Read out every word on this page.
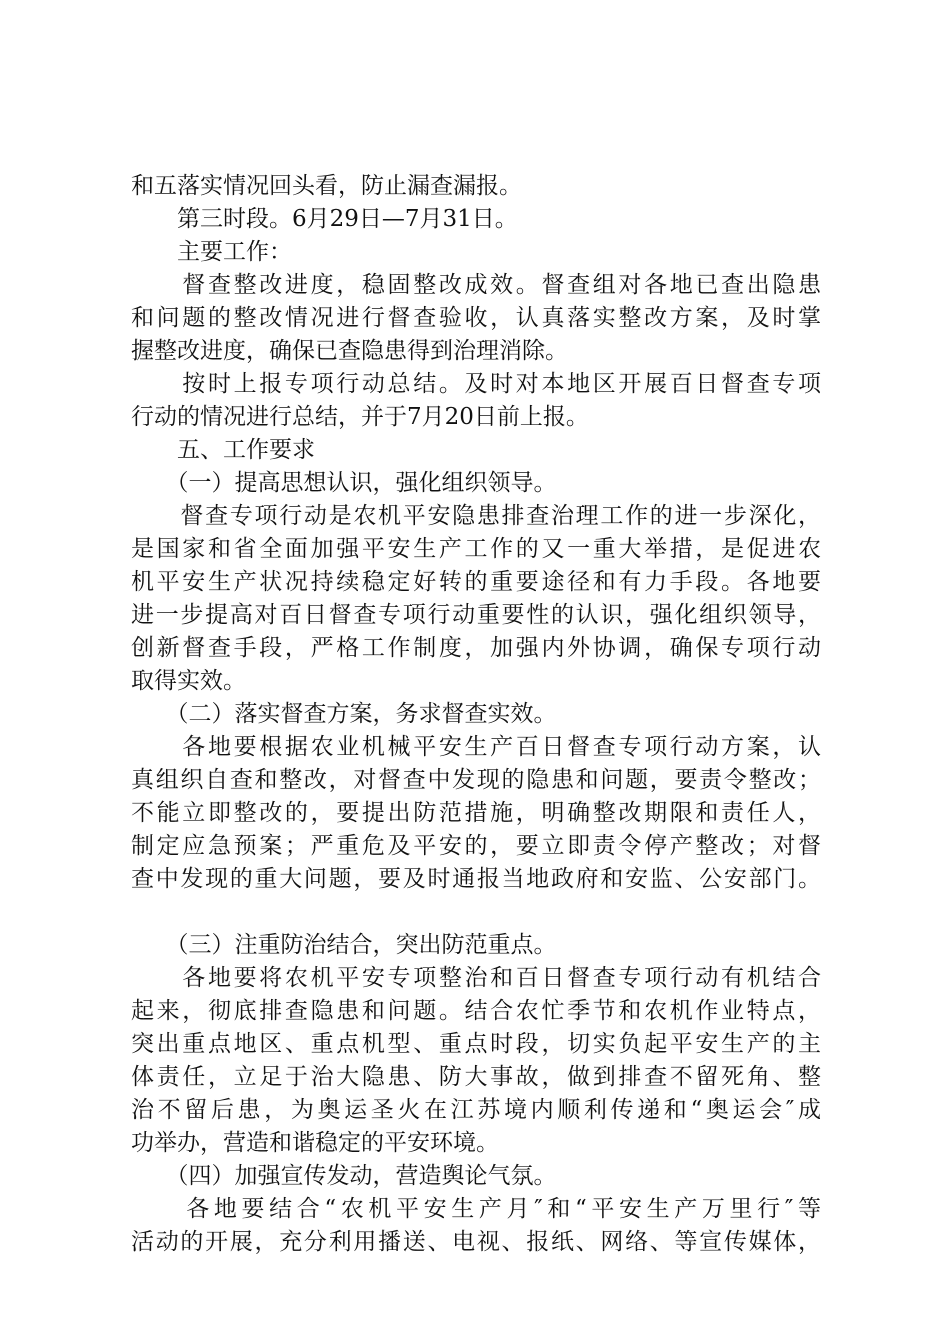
和五落实情况回头看，防止漏查漏报。
　　第三时段。6月29日—7月31日。
　　主要工作：
　　督查整改进度，稳固整改成效。督查组对各地已查出隐患
和问题的整改情况进行督查验收，认真落实整改方案，及时掌
握整改进度，确保已查隐患得到治理消除。
　　按时上报专项行动总结。及时对本地区开展百日督查专项
行动的情况进行总结，并于7月20日前上报。
　　五、工作要求
　　（一）提高思想认识，强化组织领导。
　　督查专项行动是农机平安隐患排查治理工作的进一步深化，
是国家和省全面加强平安生产工作的又一重大举措，是促进农
机平安生产状况持续稳定好转的重要途径和有力手段。各地要
进一步提高对百日督查专项行动重要性的认识，强化组织领导，
创新督查手段，严格工作制度，加强内外协调，确保专项行动
取得实效。
　　（二）落实督查方案，务求督查实效。
　　各地要根据农业机械平安生产百日督查专项行动方案，认
真组织自查和整改，对督查中发现的隐患和问题，要责令整改；
不能立即整改的，要提出防范措施，明确整改期限和责任人，
制定应急预案；严重危及平安的，要立即责令停产整改；对督
查中发现的重大问题，要及时通报当地政府和安监、公安部门。
　　（三）注重防治结合，突出防范重点。
　　各地要将农机平安专项整治和百日督查专项行动有机结合
起来，彻底排查隐患和问题。结合农忙季节和农机作业特点，
突出重点地区、重点机型、重点时段，切实负起平安生产的主
体责任，立足于治大隐患、防大事故，做到排查不留死角、整
治不留后患，为奥运圣火在江苏境内顺利传递和“奥运会″成
功举办，营造和谐稳定的平安环境。
　　（四）加强宣传发动，营造舆论气氛。
　　各地要结合“农机平安生产月″和“平安生产万里行″等
活动的开展，充分利用播送、电视、报纸、网络、等宣传媒体，
